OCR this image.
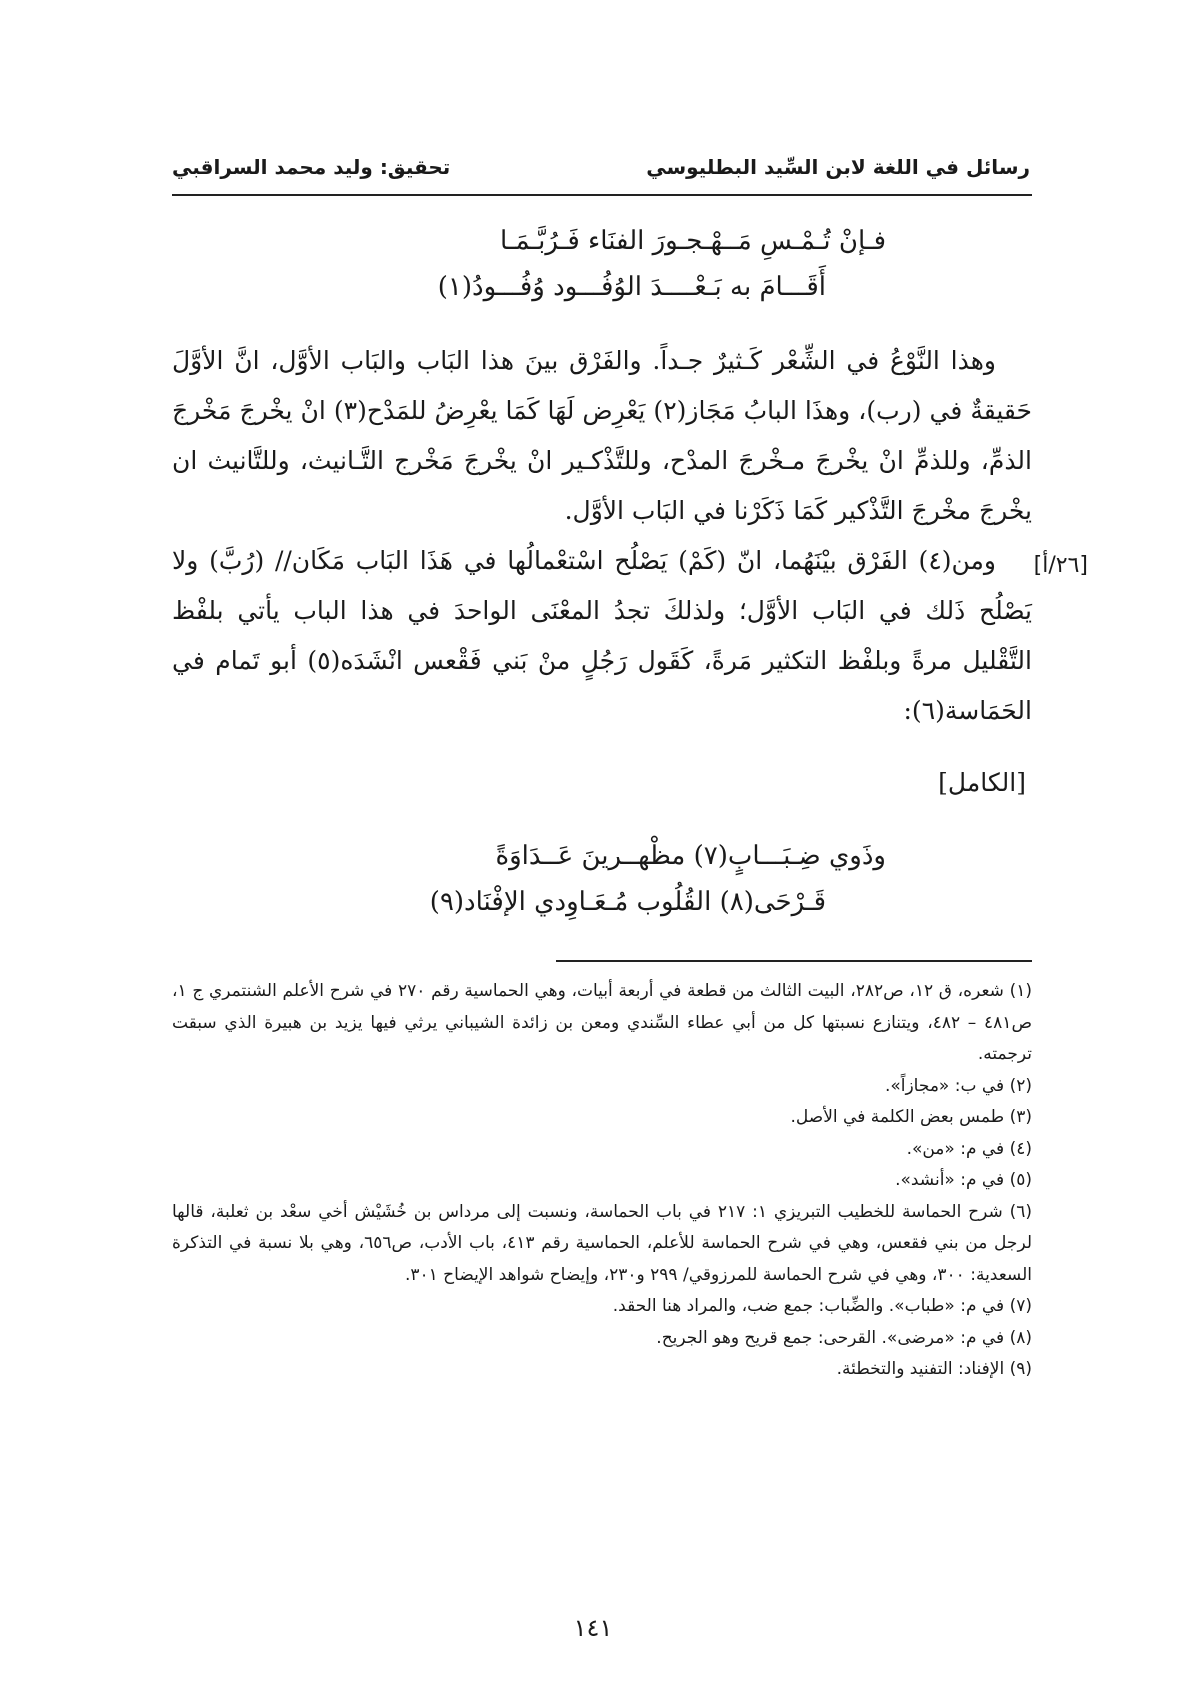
رسائل في اللغة لابن السِّيد البطليوسي
تحقيق: وليد محمد السراقبي
فـإنْ تُـمْـسِ مَــهْـجـورَ الفنَاء فَـرُبَّـمَـا
أَقَـــامَ به بَـعْــــدَ الوُفُـــود وُفُـــودُ(١)

وهذا النَّوْعُ في الشِّعْر كَـثيرٌ جـداً. والفَرْق بينَ هذا البَاب والبَاب الأوَّل، انَّ الأوَّلَ حَقيقةٌ في (رب)، وهذَا البابُ مَجَاز(٢) يَعْرِض لَهَا كَمَا يعْرِضُ للمَدْح(٣) انْ يخْرجَ مَخْرجَ الذمِّ، وللذمِّ انْ يخْرجَ مـخْرجَ المدْح، وللتَّذْكـير انْ يخْرجَ مَخْرج التَّـانيث، وللتَّانيث ان يخْرجَ مخْرجَ التَّذْكير كَمَا ذَكَرْنا في البَاب الأوَّل.

ومن(٤) الفَرْق بيْنَهُما، انّ (كَمْ) يَصْلُح اسْتعْمالُها في هَذَا البَاب مَكَان// (رُبَّ) ولا يَصْلُح ذَلك في البَاب الأوَّل؛ ولذلكَ تجدُ المعْنَى الواحدَ في هذا الباب يأتي بلفْظ التَّقْليل مرةً وبلفْظ التكثير مَرةً، كَقَول رَجُلٍ منْ بَني فَقْعس انْشَدَه(٥) أبو تَمام في الحَمَاسة(٦):

[٢٦/أ]
[الكامل]
وذَوي ضِـبَـــابٍ(٧) مظْهــرينَ عَــدَاوَةً
قَـرْحَى(٨) القُلُوب مُـعَـاوِدي الإفْنَاد(٩)

(١) شعره، ق ١٢، ص٢٨٢، البيت الثالث من قطعة في أربعة أبيات، وهي الحماسية رقم ٢٧٠ في شرح الأعلم الشنتمري ج ١، ص٤٨١ – ٤٨٢، ويتنازع نسبتها كل من أبي عطاء السِّندي ومعن بن زائدة الشيباني يرثي فيها يزيد بن هبيرة الذي سبقت ترجمته.

(٢) في ب: «مجازاً».

(٣) طمس بعض الكلمة في الأصل.

(٤) في م: «من».

(٥) في م: «أنشد».

(٦) شرح الحماسة للخطيب التبريزي ١: ٢١٧ في باب الحماسة، ونسبت إلى مرداس بن خُشَيْش أخي سعْد بن ثعلبة، قالها لرجل من بني فقعس، وهي في شرح الحماسة للأعلم، الحماسية رقم ٤١٣، باب الأدب، ص٦٥٦، وهي بلا نسبة في التذكرة السعدية: ٣٠٠، وهي في شرح الحماسة للمرزوقي/ ٢٩٩ و٢٣٠، وإيضاح شواهد الإيضاح ٣٠١.

(٧) في م: «طباب». والضِّباب: جمع ضب، والمراد هنا الحقد.

(٨) في م: «مرضى». القرحى: جمع قريح وهو الجريح.

(٩) الإفناد: التفنيد والتخطئة.

١٤١
